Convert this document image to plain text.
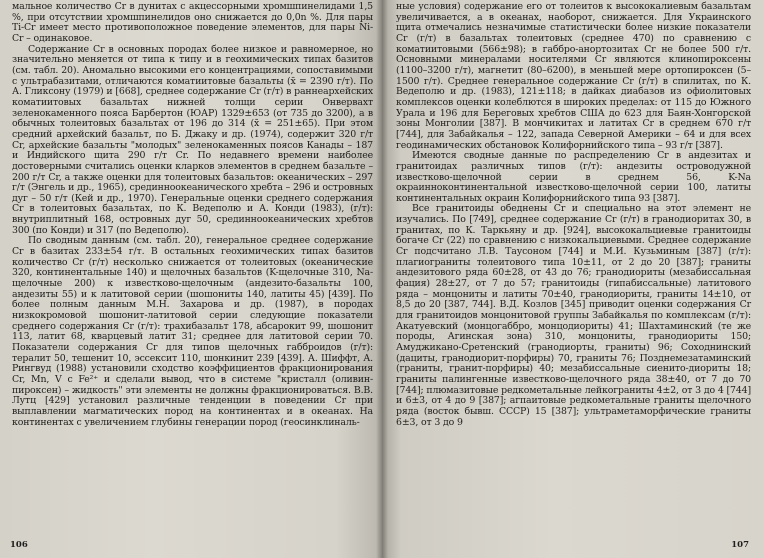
мальное количество Cr в дунитах с акцессорными хромшпинелидами 1,5 %, при отсутствии хромшпинелидов оно снижается до 0,0n %. Для пары Ti-Cr имеет место противоположное поведение элементов, для пары Ni-Cr – одинаковое.

Содержание Cr в основных породах более низкое и равномерное, но значительно меняется от типа к типу и в геохимических типах базитов (см. табл. 20). Аномально высокими его концентрациями, сопоставимыми с ультрабазитами, отличаются коматиитовые базальты (x̄ = 2390 г/т). По А. Гликсону (1979) и [668], среднее содержание Cr (г/т) в раннеархейских коматиитовых базальтах нижней толщи серии Онвервахт зеленокаменного пояса Барбертон (ЮАР) 1329±653 (от 735 до 3200), а в обычных толеитовых базальтах от 196 до 314 (x̄ = 251±65). При этом средний архейский базальт, по Б. Джаку и др. (1974), содержит 320 г/т Cr, архейские базальты "молодых" зеленокаменных поясов Канады – 187 и Индийского щита 290 г/т Cr. По недавнего времени наиболее достоверными считались оценки кларков элементов в среднем базальте – 200 г/т Cr, а также оценки для толеитовых базальтов: океанических – 297 г/т (Энгель и др., 1965), срединноокеанического хребта – 296 и островных дуг – 50 г/т (Кей и др., 1970). Генеральные оценки среднего содержания Cr в толеитовых базальтах, по К. Ведеполю и А. Конди (1983), (г/т): внутриплитный 168, островных дуг 50, срединноокеанических хребтов 300 (по Конди) и 317 (по Ведеполю).

По сводным данным (см. табл. 20), генеральное среднее содержание Cr в базитах 233±54 г/т. В остальных геохимических типах базитов количество Cr (г/т) несколько снижается от толеитовых (океанические 320, континентальные 140) и щелочных базальтов (K-щелочные 310, Na-щелочные 200) к известково-щелочным (андезито-базальты 100, андезиты 55) и к латитовой серии (шошониты 140, латиты 45) [439]. По более полным данным М.Н. Захарова и др. (1987), в породах низкокромовой шошонит-латитовой серии следующие показатели среднего содержания Cr (г/т): трахибазальт 178, абсарокит 99, шошонит 113, латит 68, кварцевый латит 31; среднее для латитовой серии 70. Показатели содержания Cr для типов щелочных габброидов (г/т): тералит 50, тешенит 10, эссексит 110, шонкинит 239 [439]. А. Шиффт, А. Рингвуд (1988) установили сходство коэффициентов фракционирования Cr, Mn, V с Fe²⁺ и сделали вывод, что в системе "кристалл (оливин-пироксен) – жидкость" эти элементы не должны фракционироваться. В.В. Лутц [429] установил различные тенденции в поведении Cr при выплавлении магматических пород на континентах и в океанах. На континентах с увеличением глубины генерации пород (геосинклиналь-

106

ные условия) содержание его от толеитов к высококалиевым базальтам увеличивается, а в океанах, наоборот, снижается. Для Украинского щита отмечались незначимые статистически более низкие показатели Cr (г/т) в базальтах толеитовых (среднее 470) по сравнению с коматиитовыми (566±98); в габбро-анортозитах Cr не более 500 г/т. Основными минералами носителями Cr являются клинопироксены (1100–3200 г/т), магнетит (80–6200), в меньшей мере ортопироксен (5–1500 г/т). Среднее генеральное содержание Cr (г/т) в спилитах, по К. Ведеполю и др. (1983), 121±118; в дайках диабазов из офиолитовых комплексов оценки колеблются в широких пределах: от 115 до Южного Урала и 196 для Береговых хребтов США до 623 для Баян-Хонгорской зоны Монголии [387]. В мончикитах и латитах Cr в среднем 670 г/т [744], для Забайкалья – 122, запада Северной Америки – 64 и для всех геодинамических обстановок Колифорнийского типа – 93 г/т [387].

Имеются сводные данные по распределению Cr в андезитах и гранитоидах различных типов (г/т): андезиты островодужной известково-щелочной серии в среднем 56, K-Na окраинноконтинентальной известково-щелочной серии 100, латиты континентальных окраин Колифорнийского типа 93 [387].

Все гранитоиды обеднены Cr и специально на этот элемент не изучались. По [749], среднее содержание Cr (г/т) в гранодиоритах 30, в гранитах, по К. Таркьяну и др. [924], высококальциевые гранитоиды богаче Cr (22) по сравнению с низкокальциевыми. Среднее содержание Cr подсчитано Л.В. Таусоном [744] и М.И. Кузьминым [387] (г/т): плагиограниты толеитового типа 10±11, от 2 до 20 [387]; граниты андезитового ряда 60±28, от 43 до 76; гранодиориты (мезабиссальная фация) 28±27, от 7 до 57; гранитоиды (гипабиссальные) латитового ряда – монцониты и латиты 70±40, гранодиориты, граниты 14±10, от 8,5 до 20 [387, 744]. В.Д. Козлов [345] приводит оценки содержания Cr для гранитоидов монцонитовой группы Забайкалья по комплексам (г/т): Акатуевский (монцогаббро, монцодиориты) 41; Шахтаминский (те же породы, Агинская зона) 310, монцониты, гранодиориты 150; Амуджикано-Сретенский (гранодиорты, граниты) 96; Соходнинский (дациты, гранодиорит-порфиры) 70, граниты 76; Позднемезатаминский (граниты, гранит-порфиры) 40; мезабиссальные сиенито-диориты 18; граниты палингенные известково-щелочного ряда 38±40, от 7 до 70 [744]; плюмазитовые редкометальные лейкограниты 4±2, от 3 до 4 [744] и 6±3, от 4 до 9 [387]; агпаитовые редкометальные граниты щелочного ряда (восток бывш. СССР) 15 [387]; ультраметаморфические граниты 6±3, от 3 до 9

107
